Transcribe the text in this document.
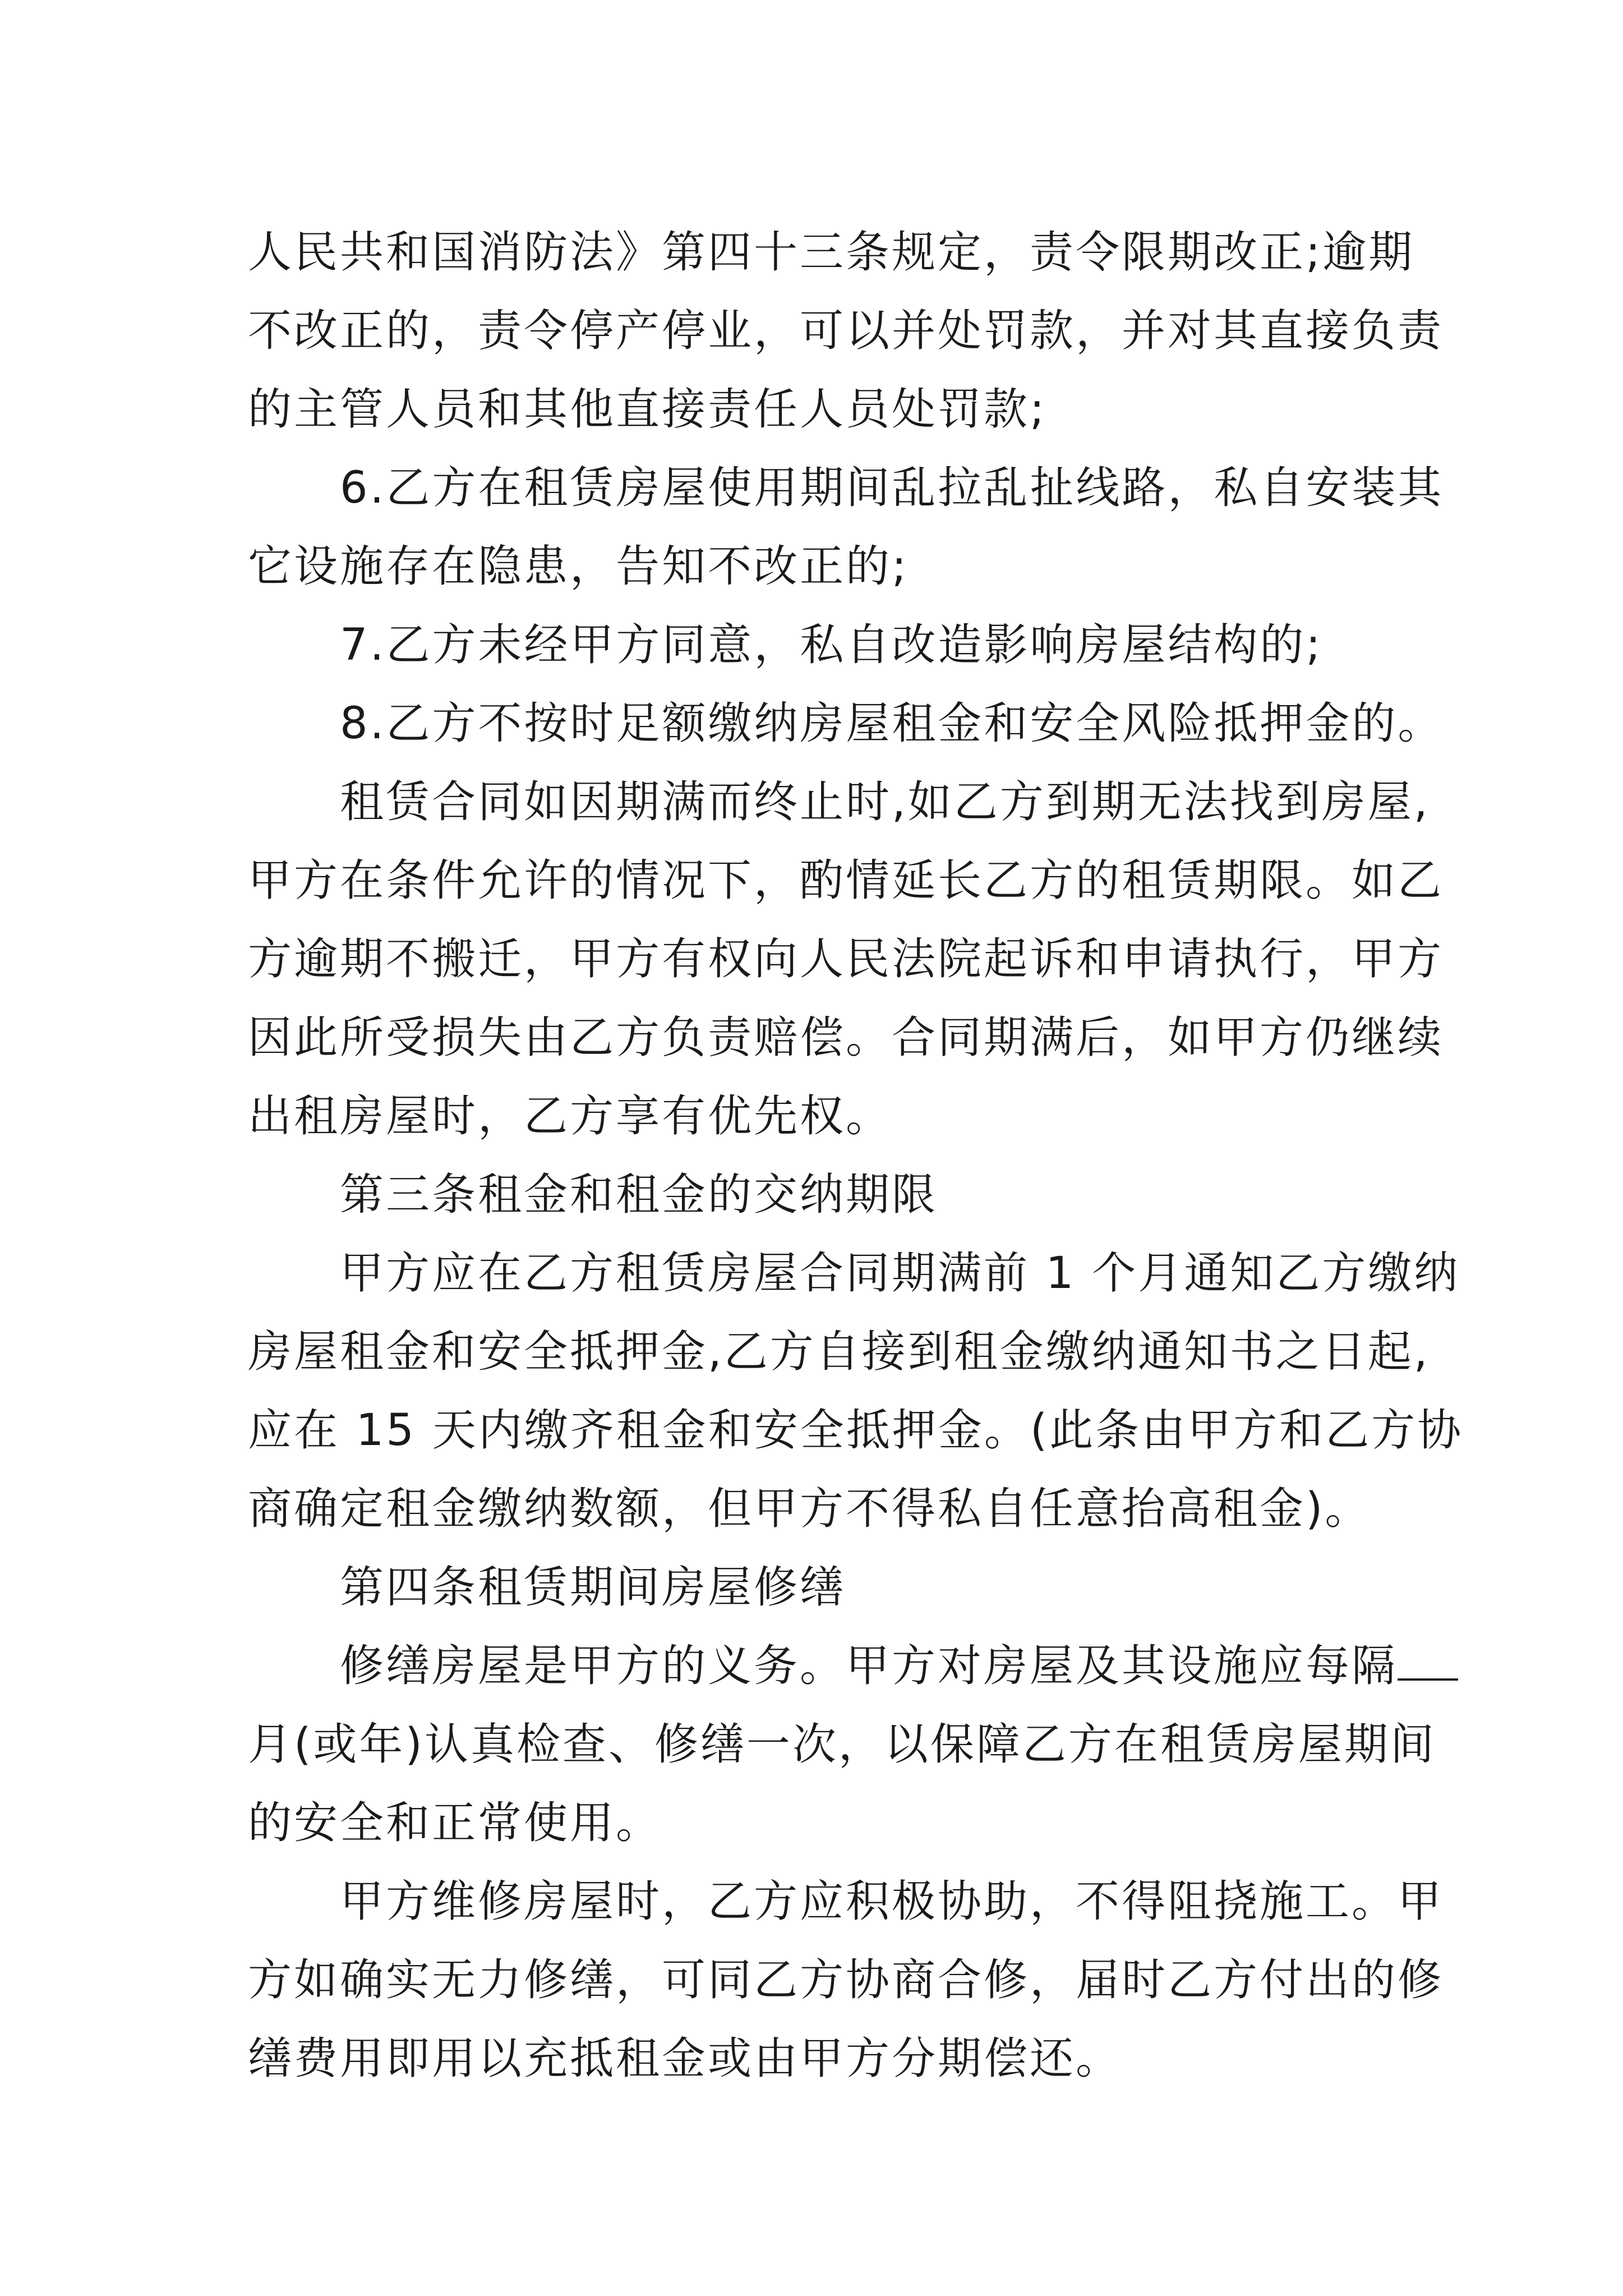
人民共和国消防法》第四十三条规定，责令限期改正;逾期
不改正的，责令停产停业，可以并处罚款，并对其直接负责
的主管人员和其他直接责任人员处罚款;
　　6.乙方在租赁房屋使用期间乱拉乱扯线路，私自安装其
它设施存在隐患，告知不改正的;
　　7.乙方未经甲方同意，私自改造影响房屋结构的;
　　8.乙方不按时足额缴纳房屋租金和安全风险抵押金的。
　　租赁合同如因期满而终止时,如乙方到期无法找到房屋,
甲方在条件允许的情况下，酌情延长乙方的租赁期限。如乙
方逾期不搬迁，甲方有权向人民法院起诉和申请执行，甲方
因此所受损失由乙方负责赔偿。合同期满后，如甲方仍继续
出租房屋时，乙方享有优先权。
　　第三条租金和租金的交纳期限
　　甲方应在乙方租赁房屋合同期满前 1 个月通知乙方缴纳
房屋租金和安全抵押金,乙方自接到租金缴纳通知书之日起,
应在 15 天内缴齐租金和安全抵押金。(此条由甲方和乙方协
商确定租金缴纳数额，但甲方不得私自任意抬高租金)。
　　第四条租赁期间房屋修缮
　　修缮房屋是甲方的义务。甲方对房屋及其设施应每隔
月(或年)认真检查、修缮一次，以保障乙方在租赁房屋期间
的安全和正常使用。
　　甲方维修房屋时，乙方应积极协助，不得阻挠施工。甲
方如确实无力修缮，可同乙方协商合修，届时乙方付出的修
缮费用即用以充抵租金或由甲方分期偿还。
